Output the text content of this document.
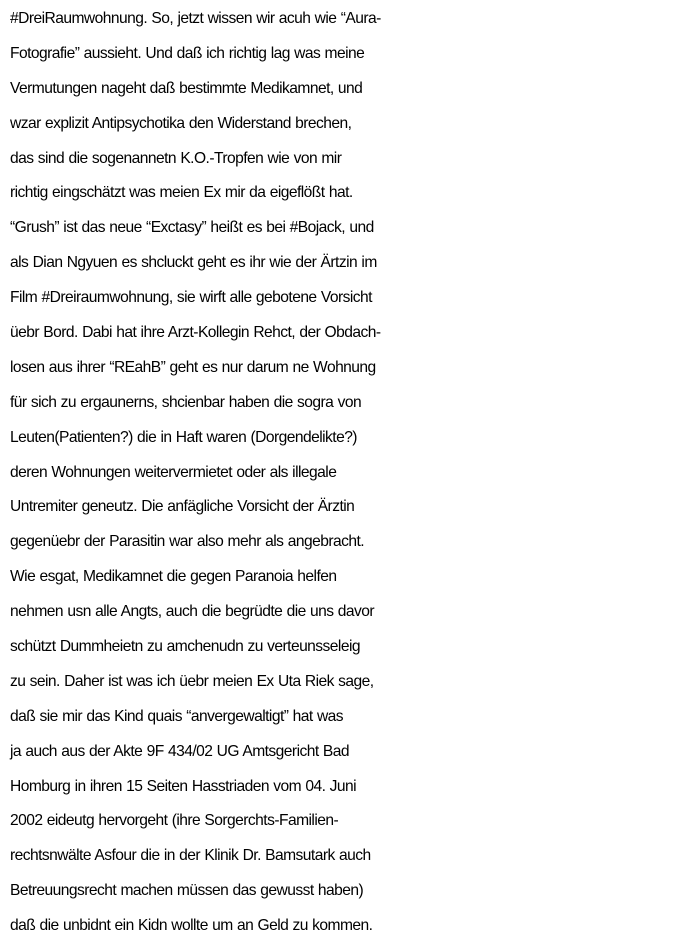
#DreiRaumwohnung. So, jetzt wissen wir acuh wie “Aura-
Fotografie” aussieht. Und daß ich richtig lag was meine
Vermutungen nageht daß bestimmte Medikamnet, und
wzar explizit Antipsychotika den Widerstand brechen,
das sind die sogenannetn K.O.-Tropfen wie von mir
richtig eingschätzt was meien Ex mir da eigeflößt hat.
“Grush” ist das neue “Exctasy” heißt es bei #Bojack, und
als Dian Ngyuen es shcluckt geht es ihr wie der Ärtzin im
Film #Dreiraumwohnung, sie wirft alle gebotene Vorsicht
üebr Bord. Dabi hat ihre Arzt-Kollegin Rehct, der Obdach-
losen aus ihrer “REahB” geht es nur darum ne Wohnung
für sich zu ergaunerns, shcienbar haben die sogra von
Leuten(Patienten?) die in Haft waren (Dorgendelikte?)
deren Wohnungen weitervermietet oder als illegale
Untremiter geneutz. Die anfägliche Vorsicht der Ärztin
gegenüebr der Parasitin war also mehr als angebracht.
Wie esgat, Medikamnet die gegen Paranoia helfen
nehmen usn alle Angts, auch die begrüdte die uns davor
schützt Dummheietn zu amchenudn zu verteunsseleig
zu sein. Daher ist was ich üebr meien Ex Uta Riek sage,
daß sie mir das Kind quais “anvergewaltigt” hat was
ja auch aus der Akte 9F 434/02 UG Amtsgericht Bad
Homburg in ihren 15 Seiten Hasstriaden vom 04. Juni
2002 eideutg hervorgeht (ihre Sorgerchts-Familien-
rechtsnwälte Asfour die in der Klinik Dr. Bamsutark auch
Betreuungsrecht machen müssen das gewusst haben)
daß die unbidnt ein Kidn wollte um an Geld zu kommen.
